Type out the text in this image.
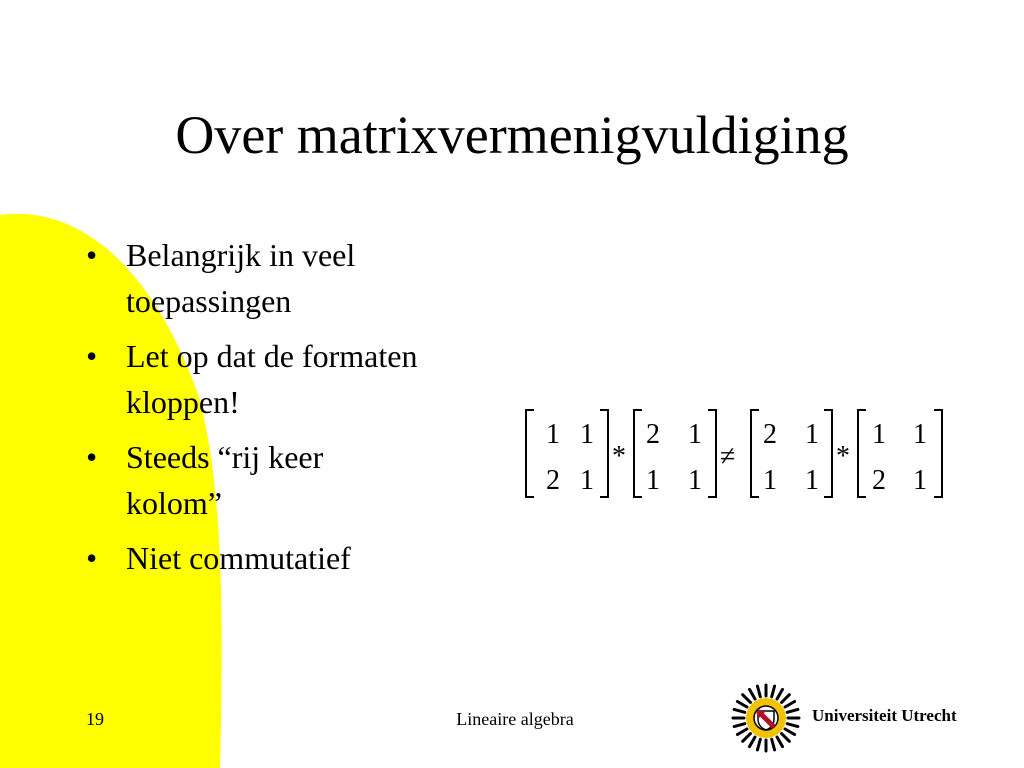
Over matrixvermenigvuldiging
• Belangrijk in veel
toepassingen
• Let op dat de formaten
kloppen!
• Steeds “rij keer
kolom”
• Niet commutatief
1 1
2 1
*
2 1
1 1
≠
2 1
1 1
*
1 1
2 1
19	Lineaire algebra	Universiteit Utrecht
